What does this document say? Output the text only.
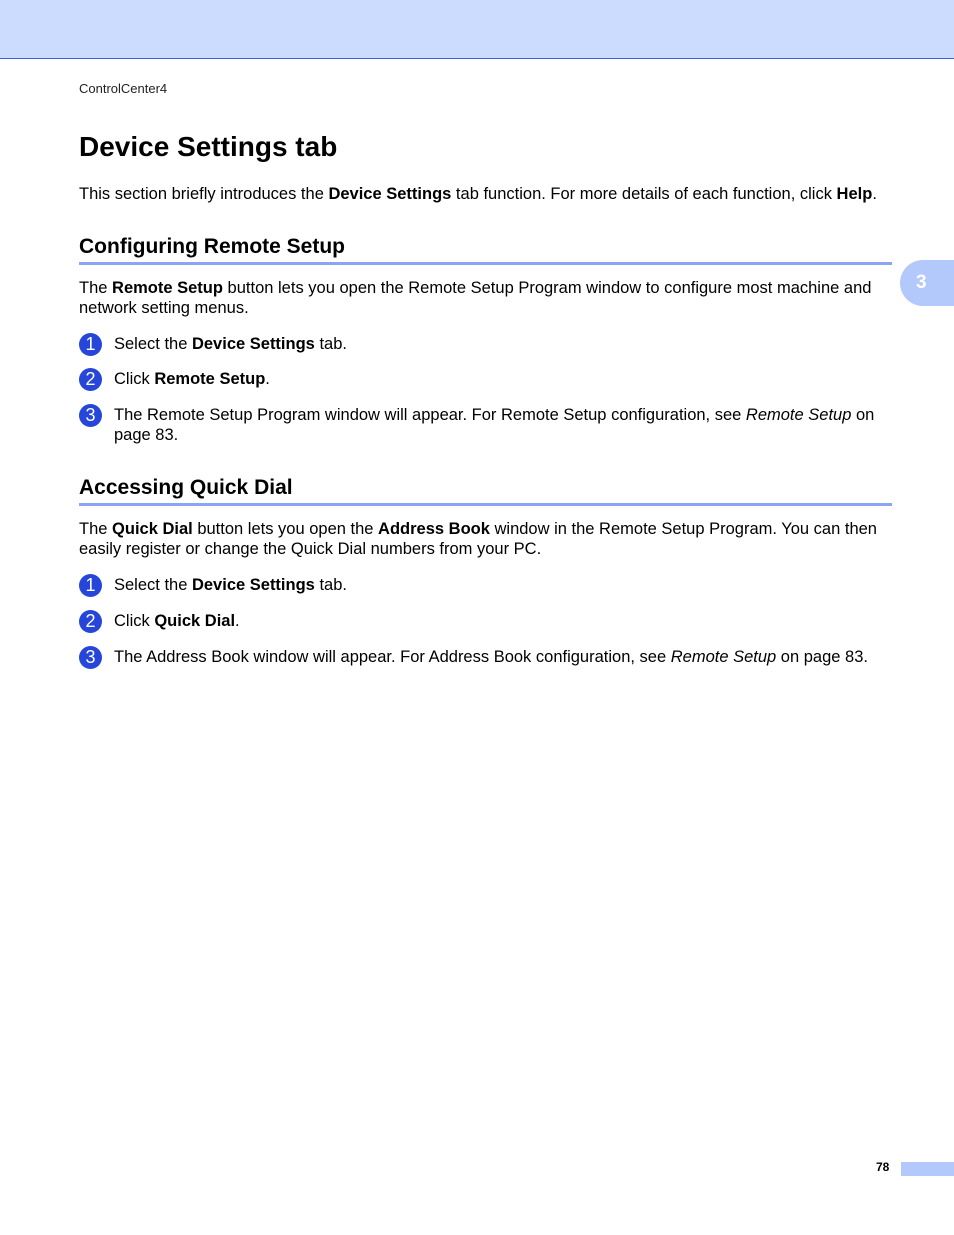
ControlCenter4
3
Device Settings tab

This section briefly introduces the Device Settings tab function. For more details of each function, click Help.

Configuring Remote Setup

The Remote Setup button lets you open the Remote Setup Program window to configure most machine and network setting menus.

1	Select the Device Settings tab.
2	Click Remote Setup.
3	The Remote Setup Program window will appear. For Remote Setup configuration, see Remote Setup on page 83.
Accessing Quick Dial

The Quick Dial button lets you open the Address Book window in the Remote Setup Program. You can then easily register or change the Quick Dial numbers from your PC.

1	Select the Device Settings tab.
2	Click Quick Dial.
3	The Address Book window will appear. For Address Book configuration, see Remote Setup on page 83.
78
